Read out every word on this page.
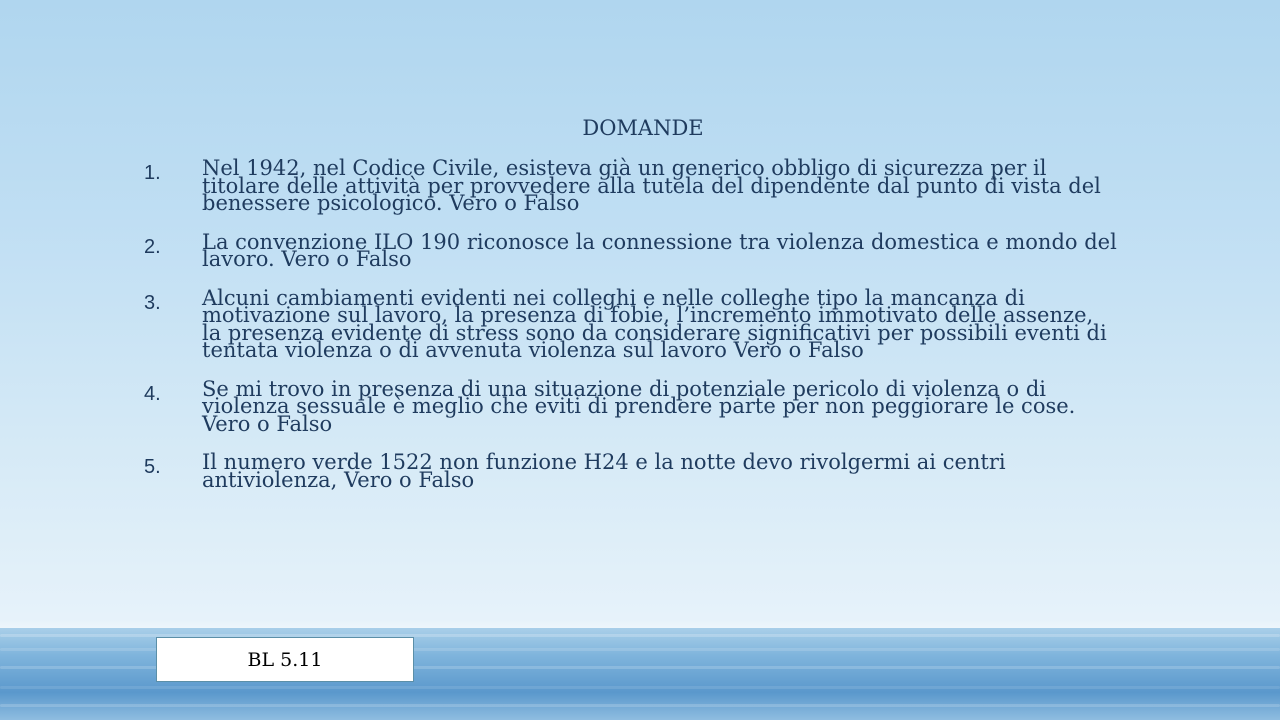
DOMANDE
1.	Nel 1942, nel Codice Civile, esisteva già un generico obbligo di sicurezza per il
titolare delle attività per provvedere alla tutela del dipendente dal punto di vista del
benessere psicologico. Vero o Falso
2.	La convenzione ILO 190 riconosce la connessione tra violenza domestica e mondo del
lavoro. Vero o Falso
3.	Alcuni cambiamenti evidenti nei colleghi e nelle colleghe tipo la mancanza di
motivazione sul lavoro, la presenza di fobie, l’incremento immotivato delle assenze,
la presenza evidente di stress sono da considerare significativi per possibili eventi di
tentata violenza o di avvenuta violenza sul lavoro Vero o Falso
4.	Se mi trovo in presenza di una situazione di potenziale pericolo di violenza o di
violenza sessuale è meglio che eviti di prendere parte per non peggiorare le cose.
Vero o Falso
5.	Il numero verde 1522 non funzione H24 e la notte devo rivolgermi ai centri
antiviolenza, Vero o Falso
BL 5.11
